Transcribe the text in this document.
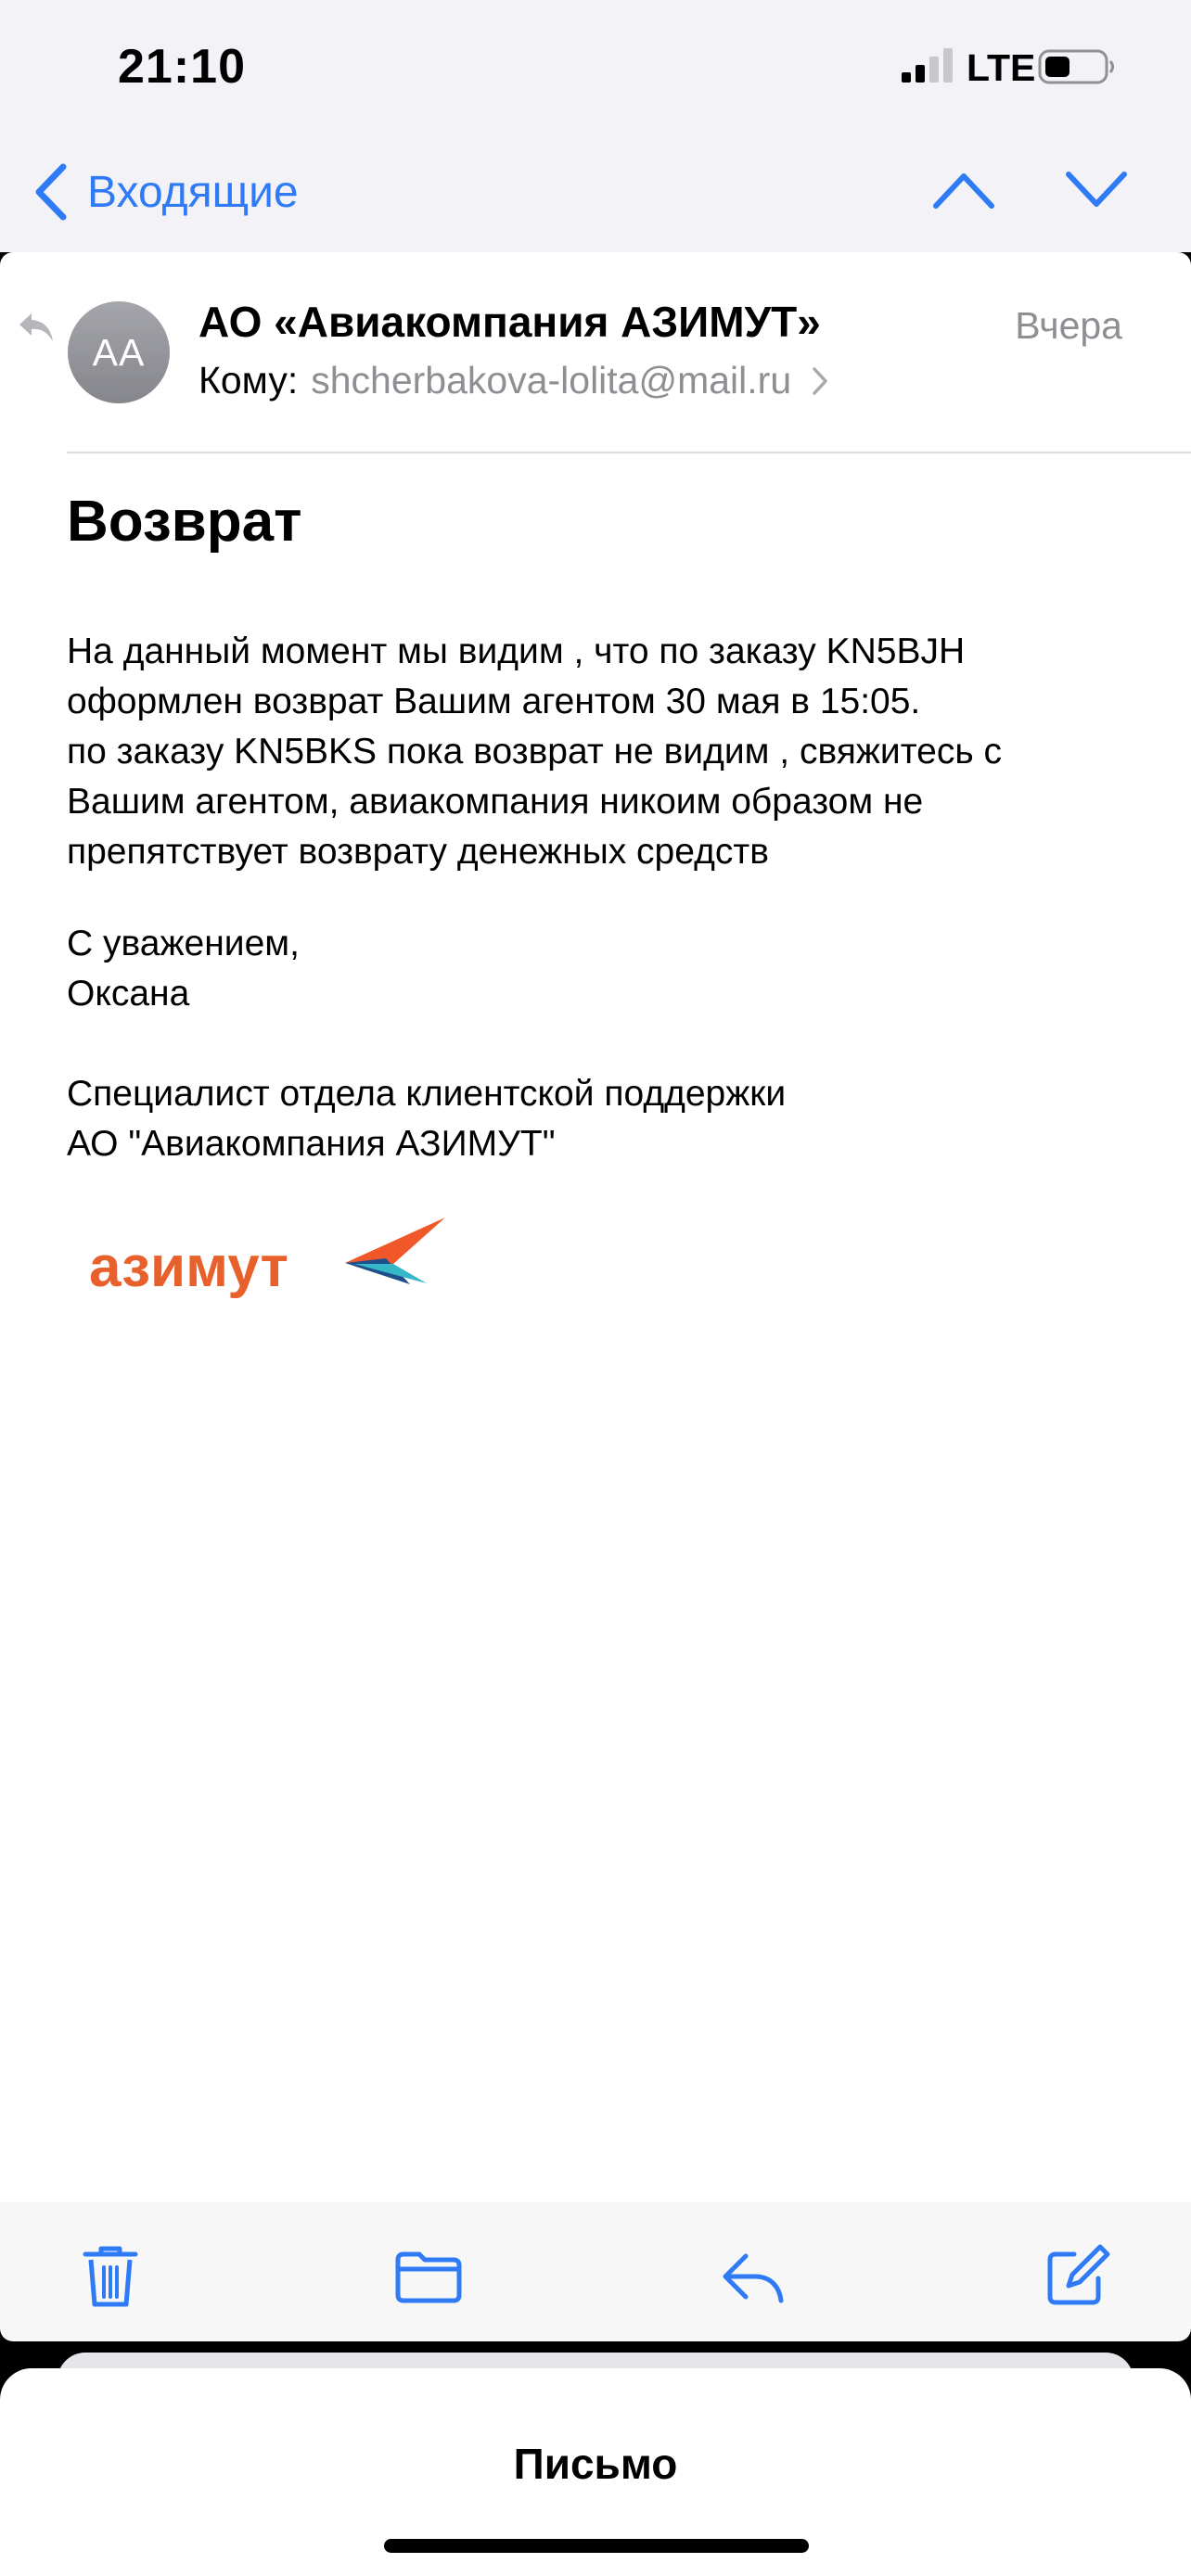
21:10	LTE
Входящие
AA
АО «Авиакомпания АЗИМУТ»	Вчера
Кому: shcherbakova-lolita@mail.ru
Возврат
На данный момент мы видим , что по заказу KN5BJH
оформлен возврат Вашим агентом 30 мая в 15:05.
по заказу KN5BKS пока возврат не видим , свяжитесь с
Вашим агентом, авиакомпания никоим образом не
препятствует возврату денежных средств
С уважением,
Оксана
Специалист отдела клиентской поддержки
АО "Авиакомпания АЗИМУТ"
азимут
Письмо
